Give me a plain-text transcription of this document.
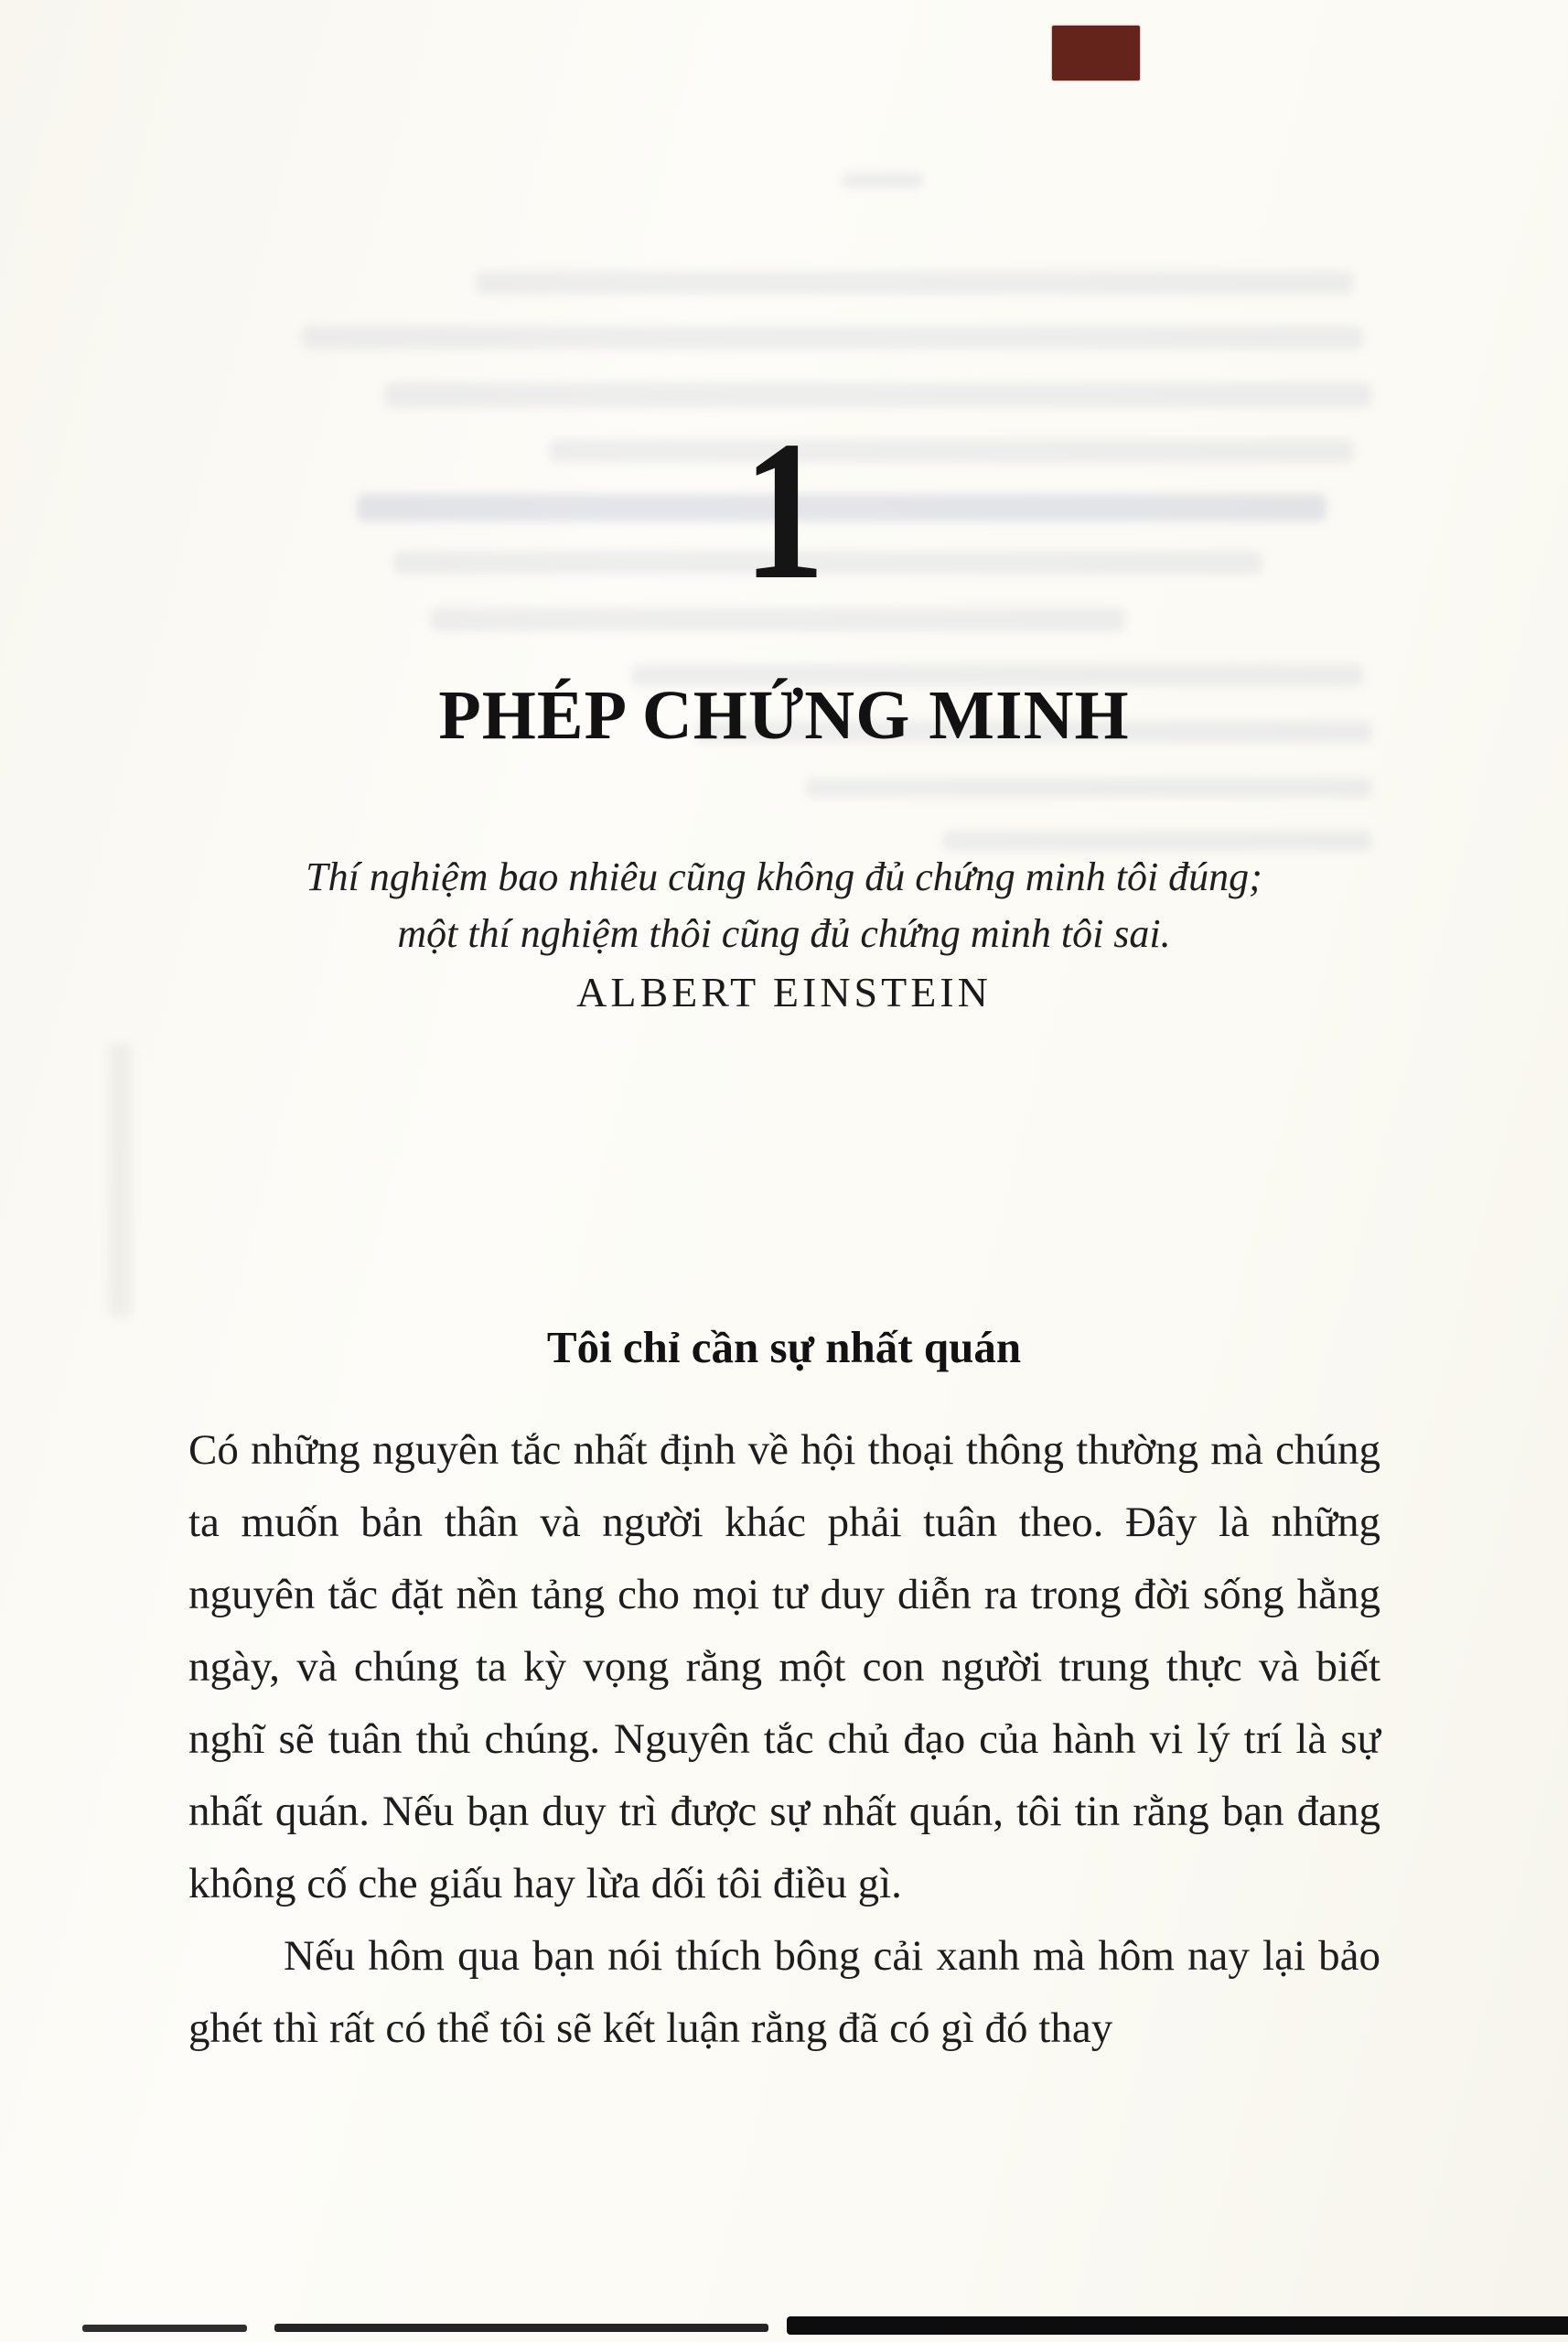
1
PHÉP CHỨNG MINH
Thí nghiệm bao nhiêu cũng không đủ chứng minh tôi đúng;
một thí nghiệm thôi cũng đủ chứng minh tôi sai.
ALBERT EINSTEIN
Tôi chỉ cần sự nhất quán

Có những nguyên tắc nhất định về hội thoại thông thường mà chúng ta muốn bản thân và người khác phải tuân theo. Đây là những nguyên tắc đặt nền tảng cho mọi tư duy diễn ra trong đời sống hằng ngày, và chúng ta kỳ vọng rằng một con người trung thực và biết nghĩ sẽ tuân thủ chúng. Nguyên tắc chủ đạo của hành vi lý trí là sự nhất quán. Nếu bạn duy trì được sự nhất quán, tôi tin rằng bạn đang không cố che giấu hay lừa dối tôi điều gì.

Nếu hôm qua bạn nói thích bông cải xanh mà hôm nay lại bảo ghét thì rất có thể tôi sẽ kết luận rằng đã có gì đó thay
